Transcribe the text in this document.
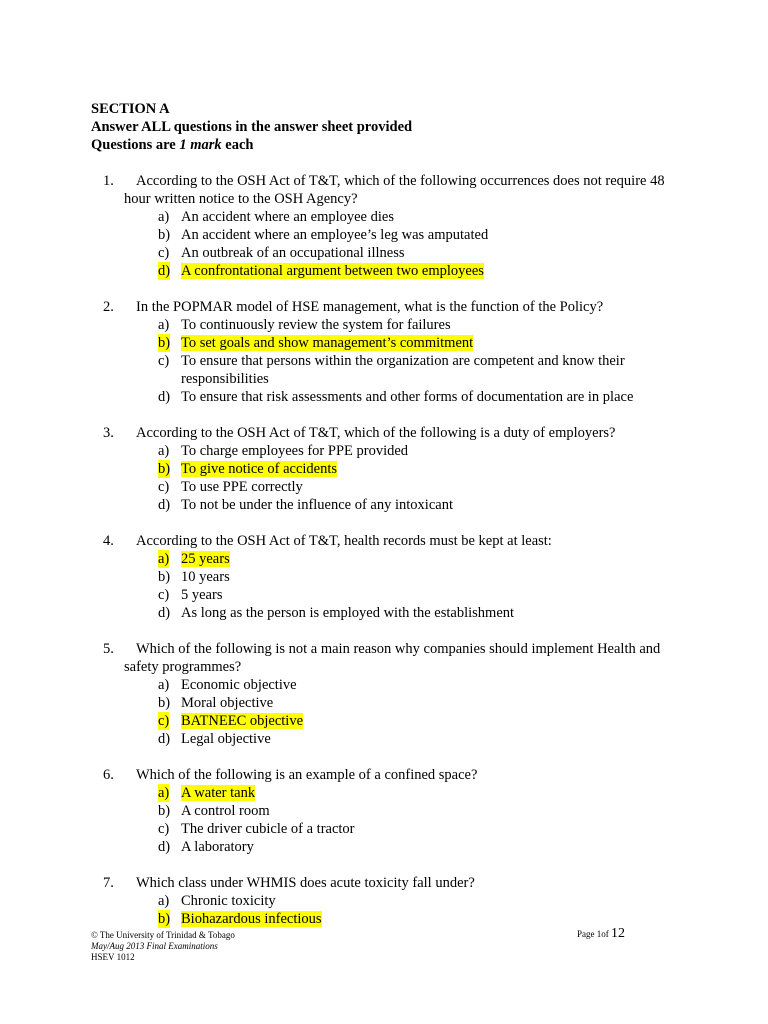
SECTION A
Answer ALL questions in the answer sheet provided
Questions are 1 mark each
1. According to the OSH Act of T&T, which of the following occurrences does not require 48 hour written notice to the OSH Agency?
a) An accident where an employee dies
b) An accident where an employee’s leg was amputated
c) An outbreak of an occupational illness
d) A confrontational argument between two employees
2. In the POPMAR model of HSE management, what is the function of the Policy?
a) To continuously review the system for failures
b) To set goals and show management’s commitment
c) To ensure that persons within the organization are competent and know their responsibilities
d) To ensure that risk assessments and other forms of documentation are in place
3. According to the OSH Act of T&T, which of the following is a duty of employers?
a) To charge employees for PPE provided
b) To give notice of accidents
c) To use PPE correctly
d) To not be under the influence of any intoxicant
4. According to the OSH Act of T&T, health records must be kept at least:
a) 25 years
b) 10 years
c) 5 years
d) As long as the person is employed with the establishment
5. Which of the following is not a main reason why companies should implement Health and safety programmes?
a) Economic objective
b) Moral objective
c) BATNEEC objective
d) Legal objective
6. Which of the following is an example of a confined space?
a) A water tank
b) A control room
c) The driver cubicle of a tractor
d) A laboratory
7. Which class under WHMIS does acute toxicity fall under?
a) Chronic toxicity
b) Biohazardous infectious
© The University of Trinidad & Tobago
May/Aug 2013 Final Examinations
HSEV 1012
Page 1of 12
